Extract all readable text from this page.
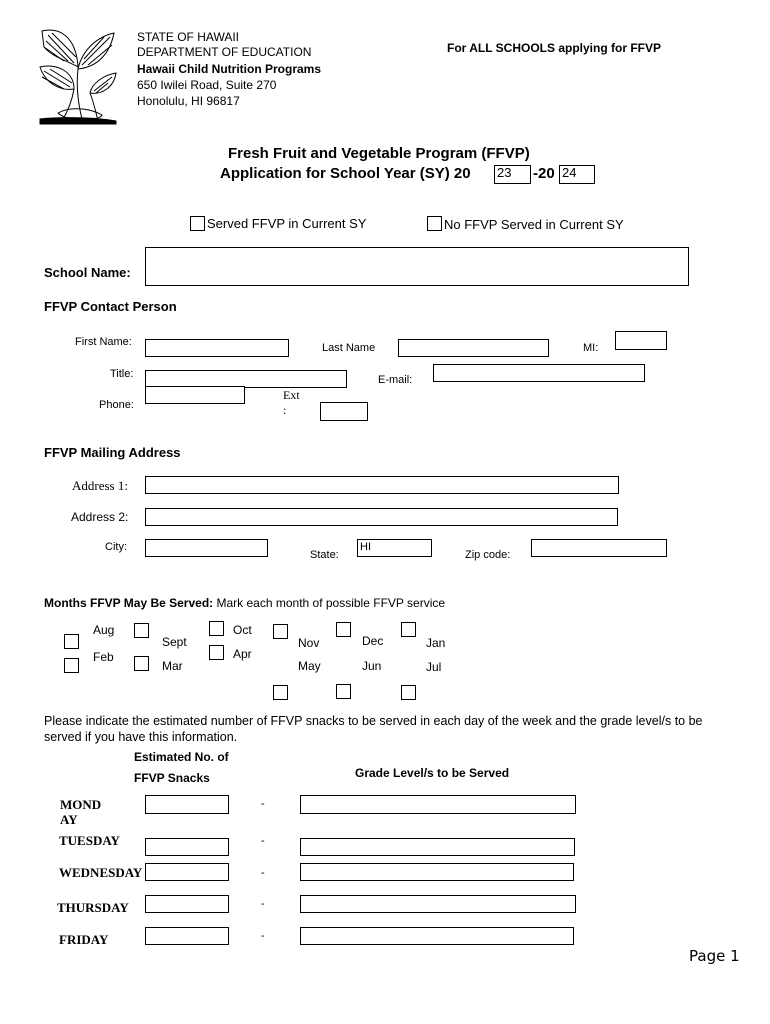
STATE OF HAWAII
DEPARTMENT OF EDUCATION
Hawaii Child Nutrition Programs
650 Iwilei Road, Suite 270
Honolulu, HI 96817
For ALL SCHOOLS applying for FFVP
Fresh Fruit and Vegetable Program (FFVP)
Application for School Year (SY) 20 23	-20 24
Served FFVP in Current SY	No FFVP Served in Current SY
School Name:
FFVP Contact Person
First Name:	Last Name	MI:
Title:	E-mail:
Phone:
Ext
:
FFVP Mailing Address
Address 1:
Address 2:
City:
State:
HI
Zip code:
Months FFVP May Be Served: Mark each month of possible FFVP service
Aug
Feb
Sept
Mar
Oct
Apr
Nov
May
Dec
Jun
Jan
Jul
Please indicate the estimated number of FFVP snacks to be served in each day of the week and the grade level/s to be served if you have this information.
Estimated No. of
FFVP Snacks	Grade Level/s to be Served
MOND
AY
-
TUESDAY	-
WEDNESDAY	-
THURSDAY	-
FRIDAY	-
Page 1
